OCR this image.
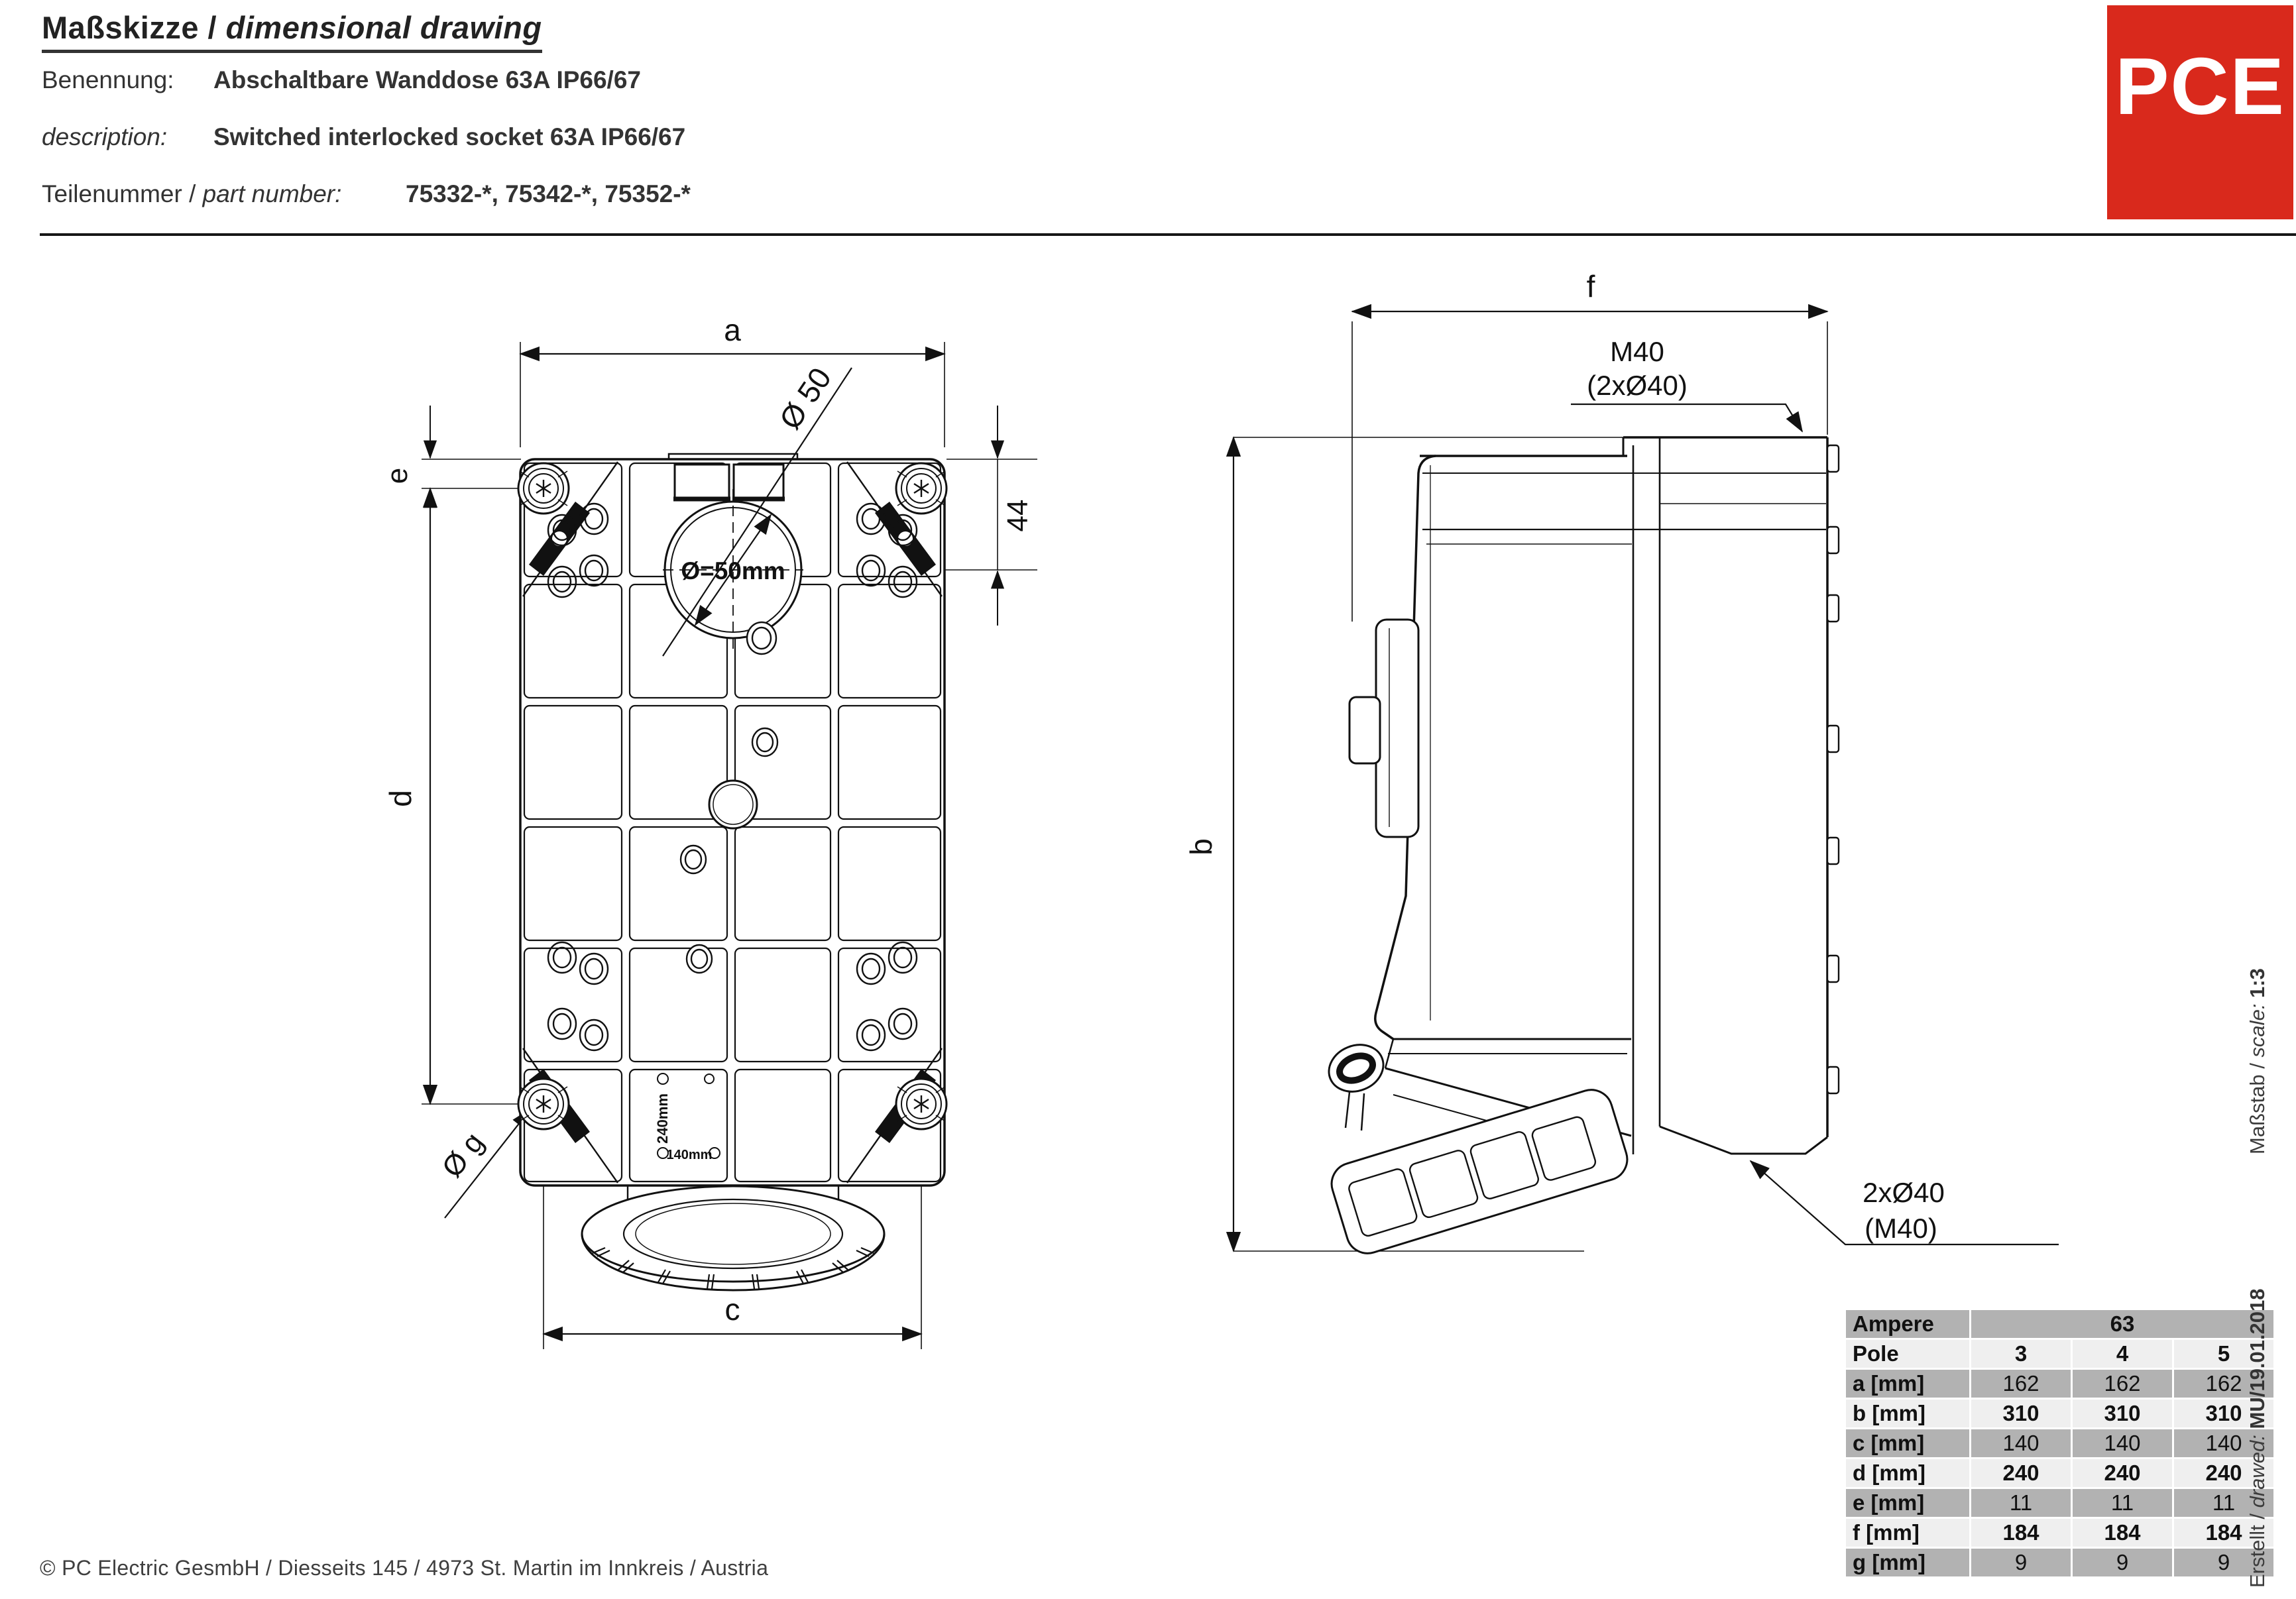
Maßskizze / dimensional drawing
Benennung: Abschaltbare Wanddose 63A IP66/67
description: Switched interlocked socket 63A IP66/67
Teilenummer / part number:	75332-*, 75342-*, 75352-*
PCE
a
e
d
44
c
Ø g
Ø 50
Ø=50mm
240mm
140mm
f
b
M40
(2xØ40)
2xØ40
(M40)
Ampere	63		
Pole	3	4	5
a [mm]	162	162	162
b [mm]	310	310	310
c [mm]	140	140	140
d [mm]	240	240	240
e [mm]	11	11	11
f [mm]	184	184	184
g [mm]	9	9	9
Maßstab / scale: 1:3
Erstellt / drawed: MU/19.01.2018
© PC Electric GesmbH / Diesseits 145 / 4973 St. Martin im Innkreis / Austria
